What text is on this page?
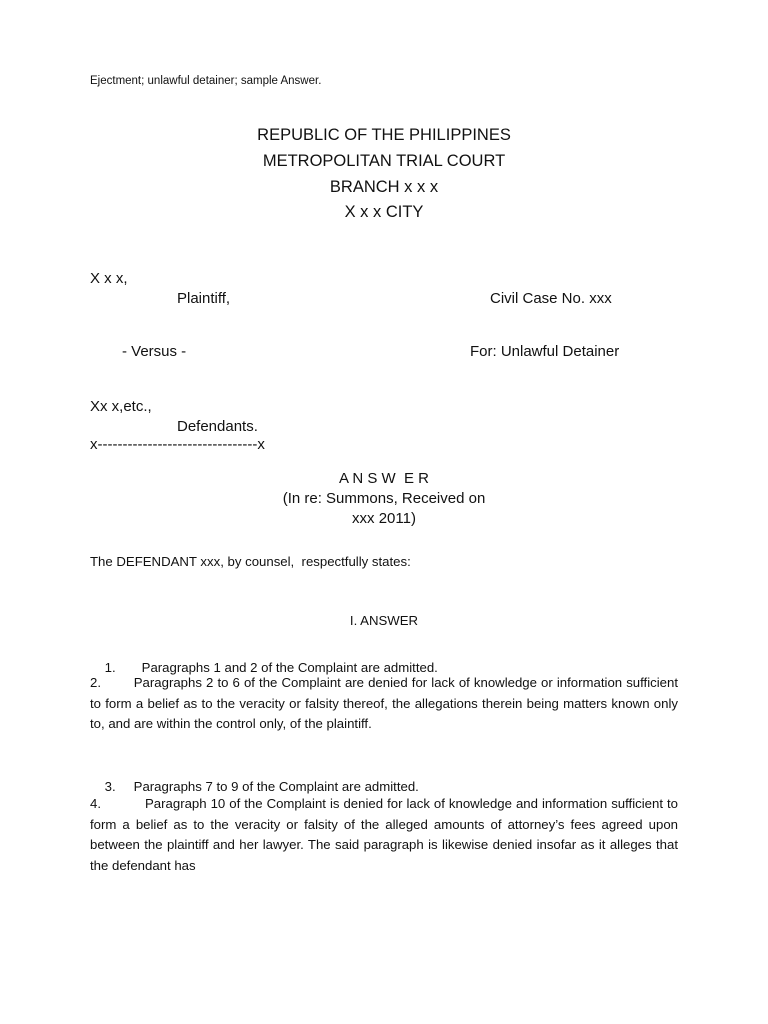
Ejectment; unlawful detainer; sample Answer.
REPUBLIC OF THE PHILIPPINES
METROPOLITAN TRIAL COURT
BRANCH x x x
X x x CITY
X x x,
Plaintiff,	Civil Case No. xxx
- Versus -	For: Unlawful Detainer
Xx x,etc.,
Defendants.
x--------------------------------x
A N S W  E R
(In re: Summons, Received on
xxx 2011)
The DEFENDANT xxx, by counsel,  respectfully states:
I. ANSWER

1. Paragraphs 1 and 2 of the Complaint are admitted.

2. Paragraphs 2 to 6 of the Complaint are denied for lack of knowledge or information sufficient to form a belief as to the veracity or falsity thereof, the allegations therein being matters known only to, and are within the control only, of the plaintiff.

3. Paragraphs 7 to 9 of the Complaint are admitted.

4.	Paragraph 10 of the Complaint is denied for lack of knowledge and information sufficient to form a belief as to the veracity or falsity of the alleged amounts of attorney’s fees agreed upon between the plaintiff and her lawyer. The said paragraph is likewise denied insofar as it alleges that the defendant has
